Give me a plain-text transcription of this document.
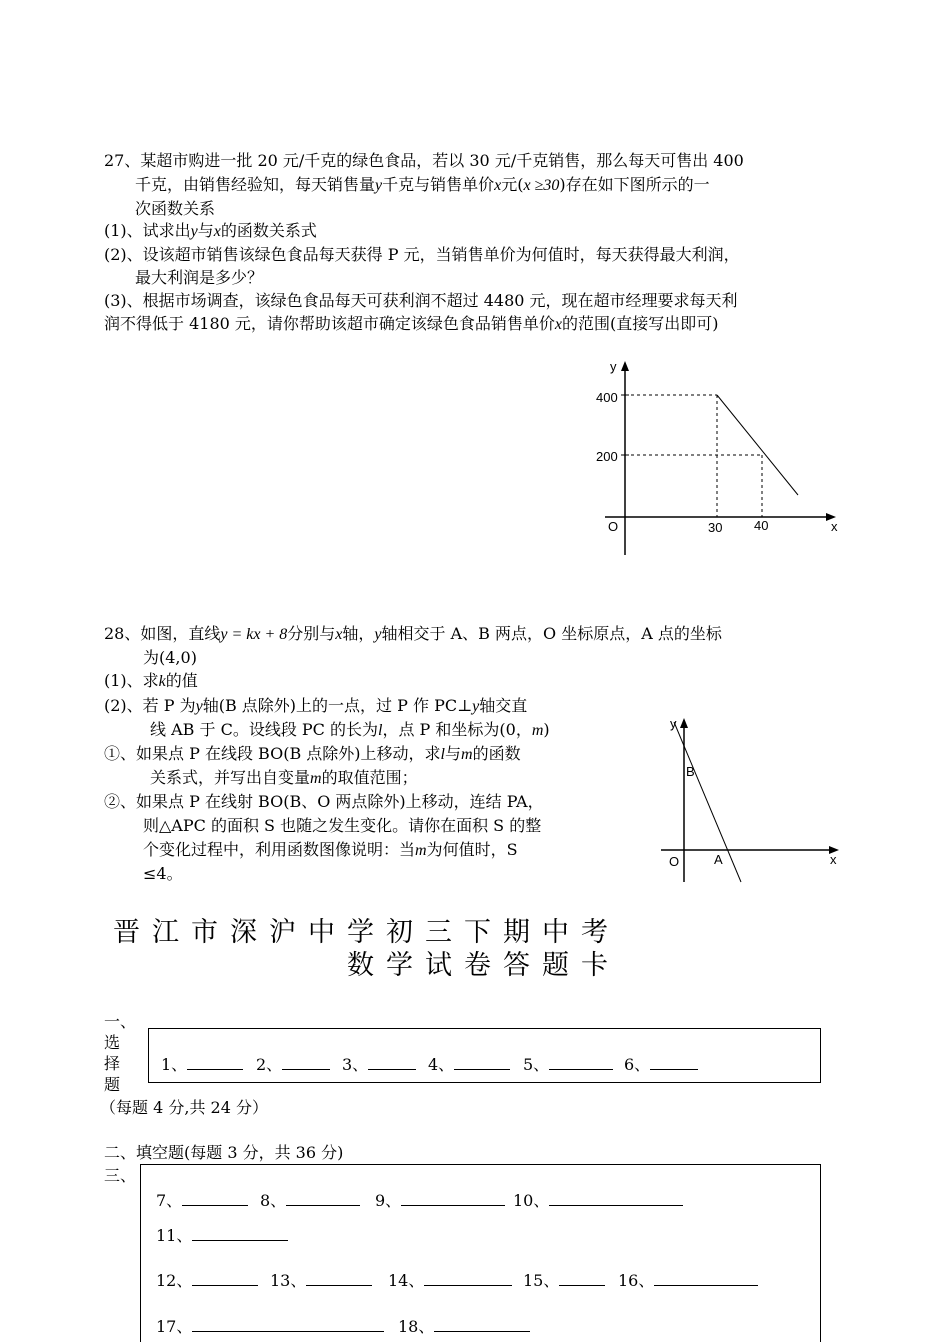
27、某超市购进一批 20 元/千克的绿色食品，若以 30 元/千克销售，那么每天可售出 400
千克，由销售经验知，每天销售量y千克与销售单价x元(x ≥30)存在如下图所示的一
次函数关系
(1)、试求出y与x的函数关系式
(2)、设该超市销售该绿色食品每天获得 P 元，当销售单价为何值时，每天获得最大利润，
最大利润是多少？
(3)、根据市场调查，该绿色食品每天可获利润不超过 4480 元，现在超市经理要求每天利
润不得低于 4180 元，请你帮助该超市确定该绿色食品销售单价x的范围(直接写出即可)
y
400
200
O	30 40	x
28、如图，直线y = kx + 8分别与x轴，y轴相交于 A、B 两点，O 坐标原点，A 点的坐标
为(4,0)
(1)、求k的值
(2)、若 P 为y轴(B 点除外)上的一点，过 P 作 PC⊥y轴交直
线 AB 于 C。设线段 PC 的长为l，点 P 和坐标为(0，m)
①、如果点 P 在线段 BO(B 点除外)上移动，求l与m的函数
关系式，并写出自变量m的取值范围；
②、如果点 P 在线射 BO(B、O 两点除外)上移动，连结 PA，
则△APC 的面积 S 也随之发生变化。请你在面积 S 的整
个变化过程中，利用函数图像说明：当m为何值时，S
≤4。
y
B
O	A	x
晋江市深沪中学初三下期中考
数学试卷答题卡
一、
选
择
题
1、	2、	3、	4、	5、	6、
（每题 4 分,共 24 分）
二、填空题(每题 3 分，共 36 分)
三、
7、	8、	9、	10、
11、
12、	13、	14、	15、	16、
17、	18、
